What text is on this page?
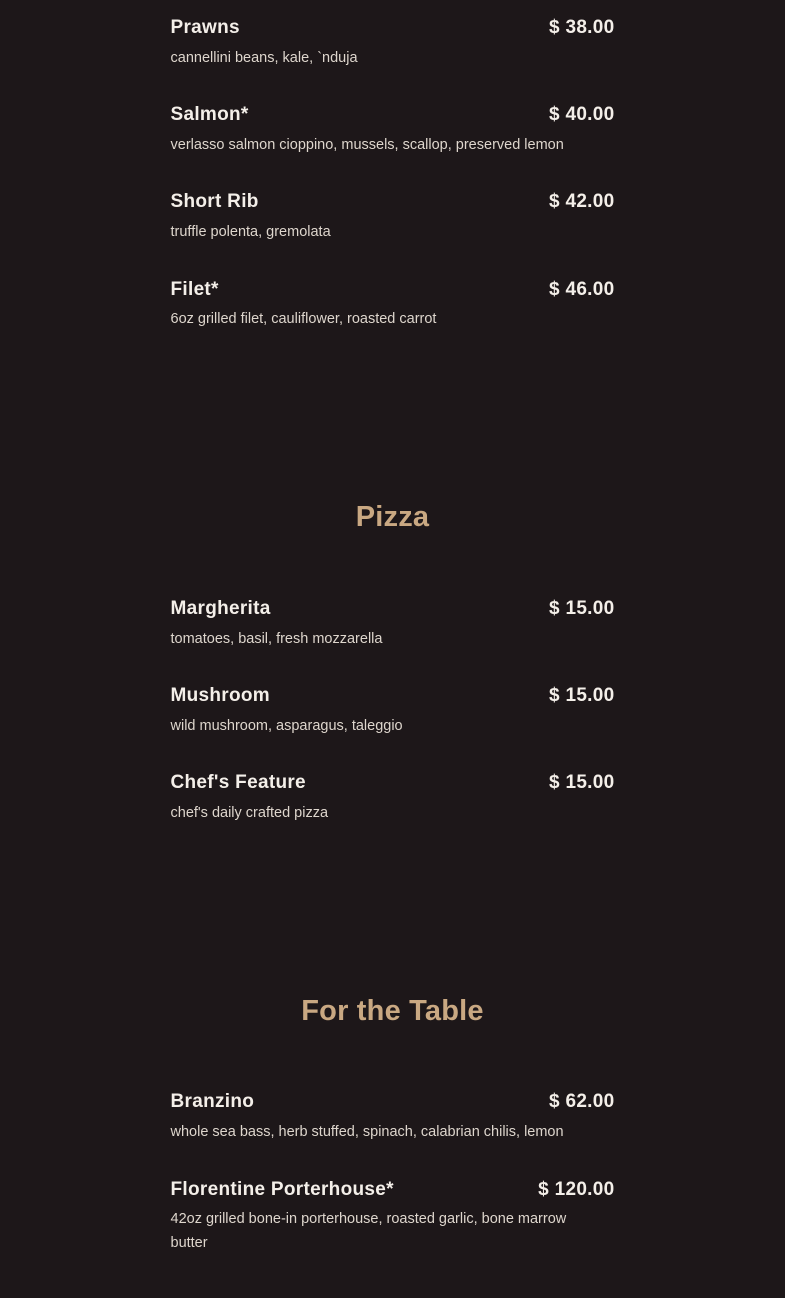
Prawns	$ 38.00
cannellini beans, kale, `nduja
Salmon*	$ 40.00
verlasso salmon cioppino, mussels, scallop, preserved lemon
Short Rib	$ 42.00
truffle polenta, gremolata
Filet*	$ 46.00
6oz grilled filet, cauliflower, roasted carrot
Pizza
Margherita	$ 15.00
tomatoes, basil, fresh mozzarella
Mushroom	$ 15.00
wild mushroom, asparagus, taleggio
Chef's Feature	$ 15.00
chef's daily crafted pizza
For the Table
Branzino	$ 62.00
whole sea bass, herb stuffed, spinach, calabrian chilis, lemon
Florentine Porterhouse*	$ 120.00
42oz grilled bone-in porterhouse, roasted garlic, bone marrow butter
